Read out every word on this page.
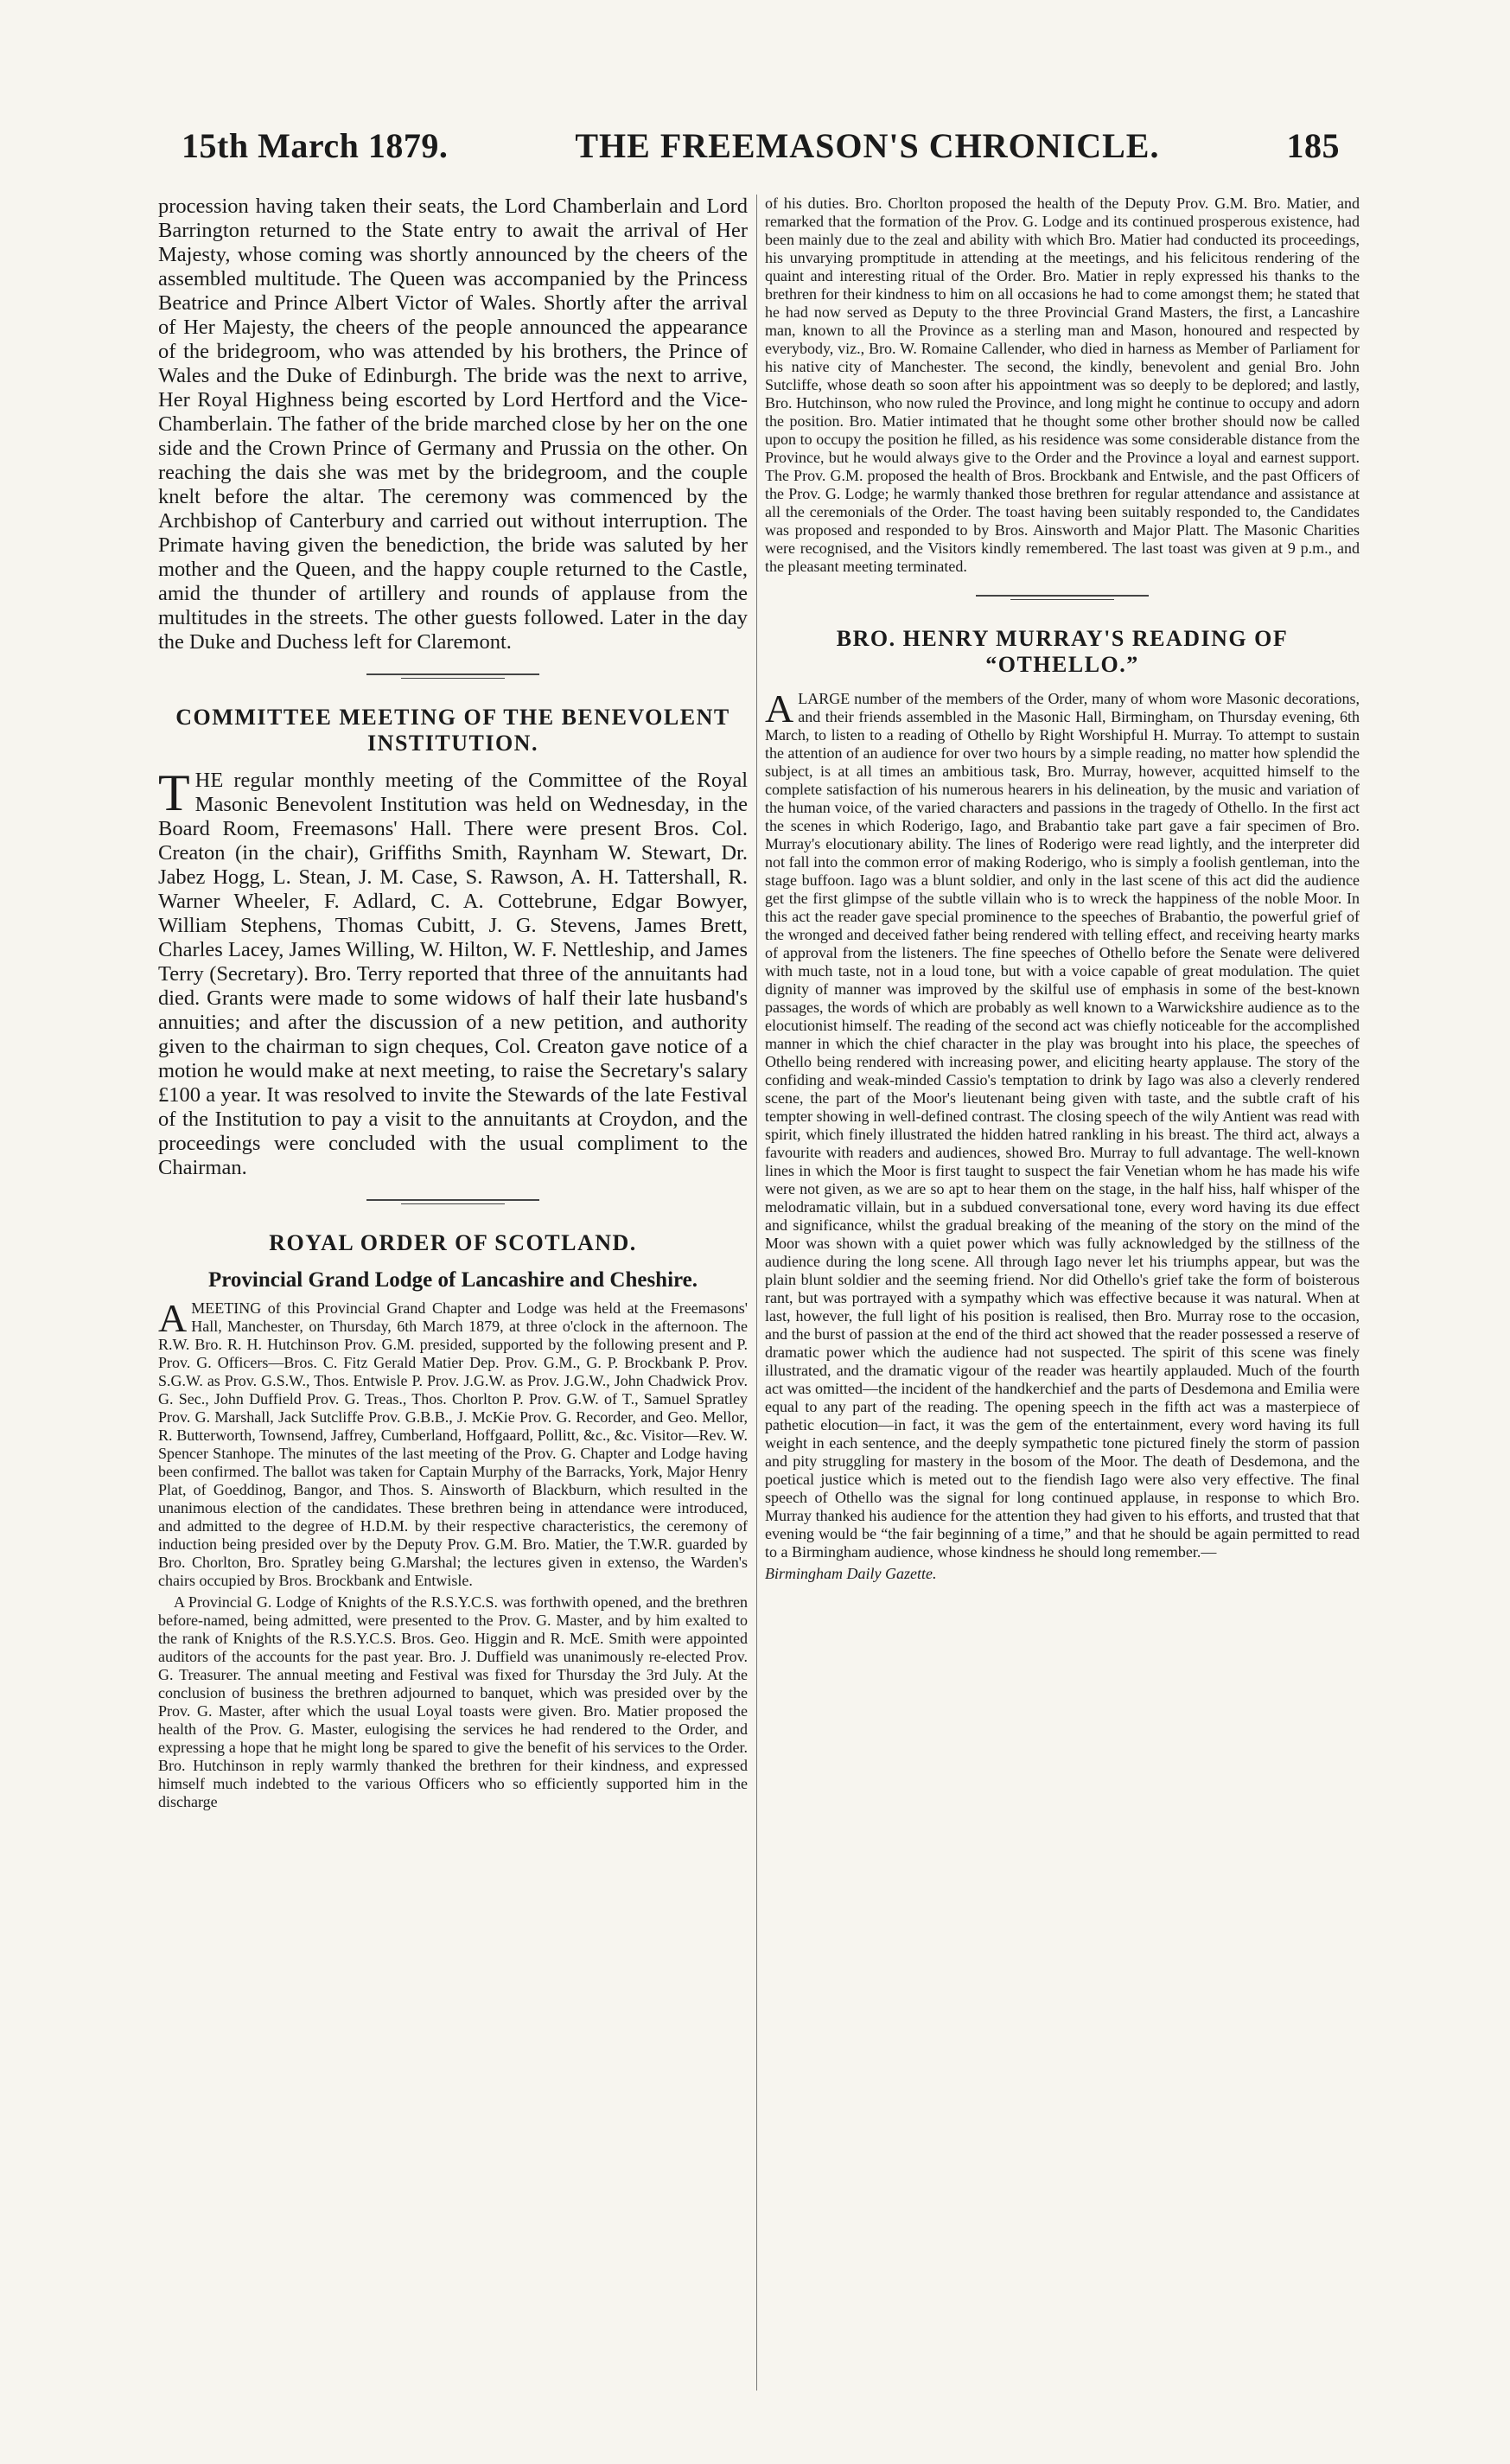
15th March 1879.	THE FREEMASON'S CHRONICLE.	185

procession having taken their seats, the Lord Chamberlain and Lord Barrington returned to the State entry to await the arrival of Her Majesty, whose coming was shortly announced by the cheers of the assembled multitude. The Queen was accompanied by the Princess Beatrice and Prince Albert Victor of Wales. Shortly after the arrival of Her Majesty, the cheers of the people announced the appearance of the bridegroom, who was attended by his brothers, the Prince of Wales and the Duke of Edinburgh. The bride was the next to arrive, Her Royal Highness being escorted by Lord Hertford and the Vice-Chamberlain. The father of the bride marched close by her on the one side and the Crown Prince of Germany and Prussia on the other. On reaching the dais she was met by the bridegroom, and the couple knelt before the altar. The ceremony was commenced by the Archbishop of Canterbury and carried out without interruption. The Primate having given the benediction, the bride was saluted by her mother and the Queen, and the happy couple returned to the Castle, amid the thunder of artillery and rounds of applause from the multitudes in the streets. The other guests followed. Later in the day the Duke and Duchess left for Claremont.

COMMITTEE MEETING OF THE BENEVOLENT INSTITUTION.

THE regular monthly meeting of the Committee of the Royal Masonic Benevolent Institution was held on Wednesday, in the Board Room, Freemasons' Hall. There were present Bros. Col. Creaton (in the chair), Griffiths Smith, Raynham W. Stewart, Dr. Jabez Hogg, L. Stean, J. M. Case, S. Rawson, A. H. Tattershall, R. Warner Wheeler, F. Adlard, C. A. Cottebrune, Edgar Bowyer, William Stephens, Thomas Cubitt, J. G. Stevens, James Brett, Charles Lacey, James Willing, W. Hilton, W. F. Nettleship, and James Terry (Secretary). Bro. Terry reported that three of the annuitants had died. Grants were made to some widows of half their late husband's annuities; and after the discussion of a new petition, and authority given to the chairman to sign cheques, Col. Creaton gave notice of a motion he would make at next meeting, to raise the Secretary's salary £100 a year. It was resolved to invite the Stewards of the late Festival of the Institution to pay a visit to the annuitants at Croydon, and the proceedings were concluded with the usual compliment to the Chairman.

ROYAL ORDER OF SCOTLAND.
Provincial Grand Lodge of Lancashire and Cheshire.

AMEETING of this Provincial Grand Chapter and Lodge was held at the Freemasons' Hall, Manchester, on Thursday, 6th March 1879, at three o'clock in the afternoon. The R.W. Bro. R. H. Hutchinson Prov. G.M. presided, supported by the following present and P. Prov. G. Officers—Bros. C. Fitz Gerald Matier Dep. Prov. G.M., G. P. Brockbank P. Prov. S.G.W. as Prov. G.S.W., Thos. Entwisle P. Prov. J.G.W. as Prov. J.G.W., John Chadwick Prov. G. Sec., John Duffield Prov. G. Treas., Thos. Chorlton P. Prov. G.W. of T., Samuel Spratley Prov. G. Marshall, Jack Sutcliffe Prov. G.B.B., J. McKie Prov. G. Recorder, and Geo. Mellor, R. Butterworth, Townsend, Jaffrey, Cumberland, Hoffgaard, Pollitt, &c., &c. Visitor—Rev. W. Spencer Stanhope. The minutes of the last meeting of the Prov. G. Chapter and Lodge having been confirmed. The ballot was taken for Captain Murphy of the Barracks, York, Major Henry Plat, of Goeddinog, Bangor, and Thos. S. Ainsworth of Blackburn, which resulted in the unanimous election of the candidates. These brethren being in attendance were introduced, and admitted to the degree of H.D.M. by their respective characteristics, the ceremony of induction being presided over by the Deputy Prov. G.M. Bro. Matier, the T.W.R. guarded by Bro. Chorlton, Bro. Spratley being G.Marshal; the lectures given in extenso, the Warden's chairs occupied by Bros. Brockbank and Entwisle.

A Provincial G. Lodge of Knights of the R.S.Y.C.S. was forthwith opened, and the brethren before-named, being admitted, were presented to the Prov. G. Master, and by him exalted to the rank of Knights of the R.S.Y.C.S. Bros. Geo. Higgin and R. McE. Smith were appointed auditors of the accounts for the past year. Bro. J. Duffield was unanimously re-elected Prov. G. Treasurer. The annual meeting and Festival was fixed for Thursday the 3rd July. At the conclusion of business the brethren adjourned to banquet, which was presided over by the Prov. G. Master, after which the usual Loyal toasts were given. Bro. Matier proposed the health of the Prov. G. Master, eulogising the services he had rendered to the Order, and expressing a hope that he might long be spared to give the benefit of his services to the Order. Bro. Hutchinson in reply warmly thanked the brethren for their kindness, and expressed himself much indebted to the various Officers who so efficiently supported him in the discharge

of his duties. Bro. Chorlton proposed the health of the Deputy Prov. G.M. Bro. Matier, and remarked that the formation of the Prov. G. Lodge and its continued prosperous existence, had been mainly due to the zeal and ability with which Bro. Matier had conducted its proceedings, his unvarying promptitude in attending at the meetings, and his felicitous rendering of the quaint and interesting ritual of the Order. Bro. Matier in reply expressed his thanks to the brethren for their kindness to him on all occasions he had to come amongst them; he stated that he had now served as Deputy to the three Provincial Grand Masters, the first, a Lancashire man, known to all the Province as a sterling man and Mason, honoured and respected by everybody, viz., Bro. W. Romaine Callender, who died in harness as Member of Parliament for his native city of Manchester. The second, the kindly, benevolent and genial Bro. John Sutcliffe, whose death so soon after his appointment was so deeply to be deplored; and lastly, Bro. Hutchinson, who now ruled the Province, and long might he continue to occupy and adorn the position. Bro. Matier intimated that he thought some other brother should now be called upon to occupy the position he filled, as his residence was some considerable distance from the Province, but he would always give to the Order and the Province a loyal and earnest support. The Prov. G.M. proposed the health of Bros. Brockbank and Entwisle, and the past Officers of the Prov. G. Lodge; he warmly thanked those brethren for regular attendance and assistance at all the ceremonials of the Order. The toast having been suitably responded to, the Candidates was proposed and responded to by Bros. Ainsworth and Major Platt. The Masonic Charities were recognised, and the Visitors kindly remembered. The last toast was given at 9 p.m., and the pleasant meeting terminated.

BRO. HENRY MURRAY'S READING OF “OTHELLO.”

ALARGE number of the members of the Order, many of whom wore Masonic decorations, and their friends assembled in the Masonic Hall, Birmingham, on Thursday evening, 6th March, to listen to a reading of Othello by Right Worshipful H. Murray. To attempt to sustain the attention of an audience for over two hours by a simple reading, no matter how splendid the subject, is at all times an ambitious task, Bro. Murray, however, acquitted himself to the complete satisfaction of his numerous hearers in his delineation, by the music and variation of the human voice, of the varied characters and passions in the tragedy of Othello. In the first act the scenes in which Roderigo, Iago, and Brabantio take part gave a fair specimen of Bro. Murray's elocutionary ability. The lines of Roderigo were read lightly, and the interpreter did not fall into the common error of making Roderigo, who is simply a foolish gentleman, into the stage buffoon. Iago was a blunt soldier, and only in the last scene of this act did the audience get the first glimpse of the subtle villain who is to wreck the happiness of the noble Moor. In this act the reader gave special prominence to the speeches of Brabantio, the powerful grief of the wronged and deceived father being rendered with telling effect, and receiving hearty marks of approval from the listeners. The fine speeches of Othello before the Senate were delivered with much taste, not in a loud tone, but with a voice capable of great modulation. The quiet dignity of manner was improved by the skilful use of emphasis in some of the best-known passages, the words of which are probably as well known to a Warwickshire audience as to the elocutionist himself. The reading of the second act was chiefly noticeable for the accomplished manner in which the chief character in the play was brought into his place, the speeches of Othello being rendered with increasing power, and eliciting hearty applause. The story of the confiding and weak-minded Cassio's temptation to drink by Iago was also a cleverly rendered scene, the part of the Moor's lieutenant being given with taste, and the subtle craft of his tempter showing in well-defined contrast. The closing speech of the wily Antient was read with spirit, which finely illustrated the hidden hatred rankling in his breast. The third act, always a favourite with readers and audiences, showed Bro. Murray to full advantage. The well-known lines in which the Moor is first taught to suspect the fair Venetian whom he has made his wife were not given, as we are so apt to hear them on the stage, in the half hiss, half whisper of the melodramatic villain, but in a subdued conversational tone, every word having its due effect and significance, whilst the gradual breaking of the meaning of the story on the mind of the Moor was shown with a quiet power which was fully acknowledged by the stillness of the audience during the long scene. All through Iago never let his triumphs appear, but was the plain blunt soldier and the seeming friend. Nor did Othello's grief take the form of boisterous rant, but was portrayed with a sympathy which was effective because it was natural. When at last, however, the full light of his position is realised, then Bro. Murray rose to the occasion, and the burst of passion at the end of the third act showed that the reader possessed a reserve of dramatic power which the audience had not suspected. The spirit of this scene was finely illustrated, and the dramatic vigour of the reader was heartily applauded. Much of the fourth act was omitted—the incident of the handkerchief and the parts of Desdemona and Emilia were equal to any part of the reading. The opening speech in the fifth act was a masterpiece of pathetic elocution—in fact, it was the gem of the entertainment, every word having its full weight in each sentence, and the deeply sympathetic tone pictured finely the storm of passion and pity struggling for mastery in the bosom of the Moor. The death of Desdemona, and the poetical justice which is meted out to the fiendish Iago were also very effective. The final speech of Othello was the signal for long continued applause, in response to which Bro. Murray thanked his audience for the attention they had given to his efforts, and trusted that that evening would be “the fair beginning of a time,” and that he should be again permitted to read to a Birmingham audience, whose kindness he should long remember.—

Birmingham Daily Gazette.
